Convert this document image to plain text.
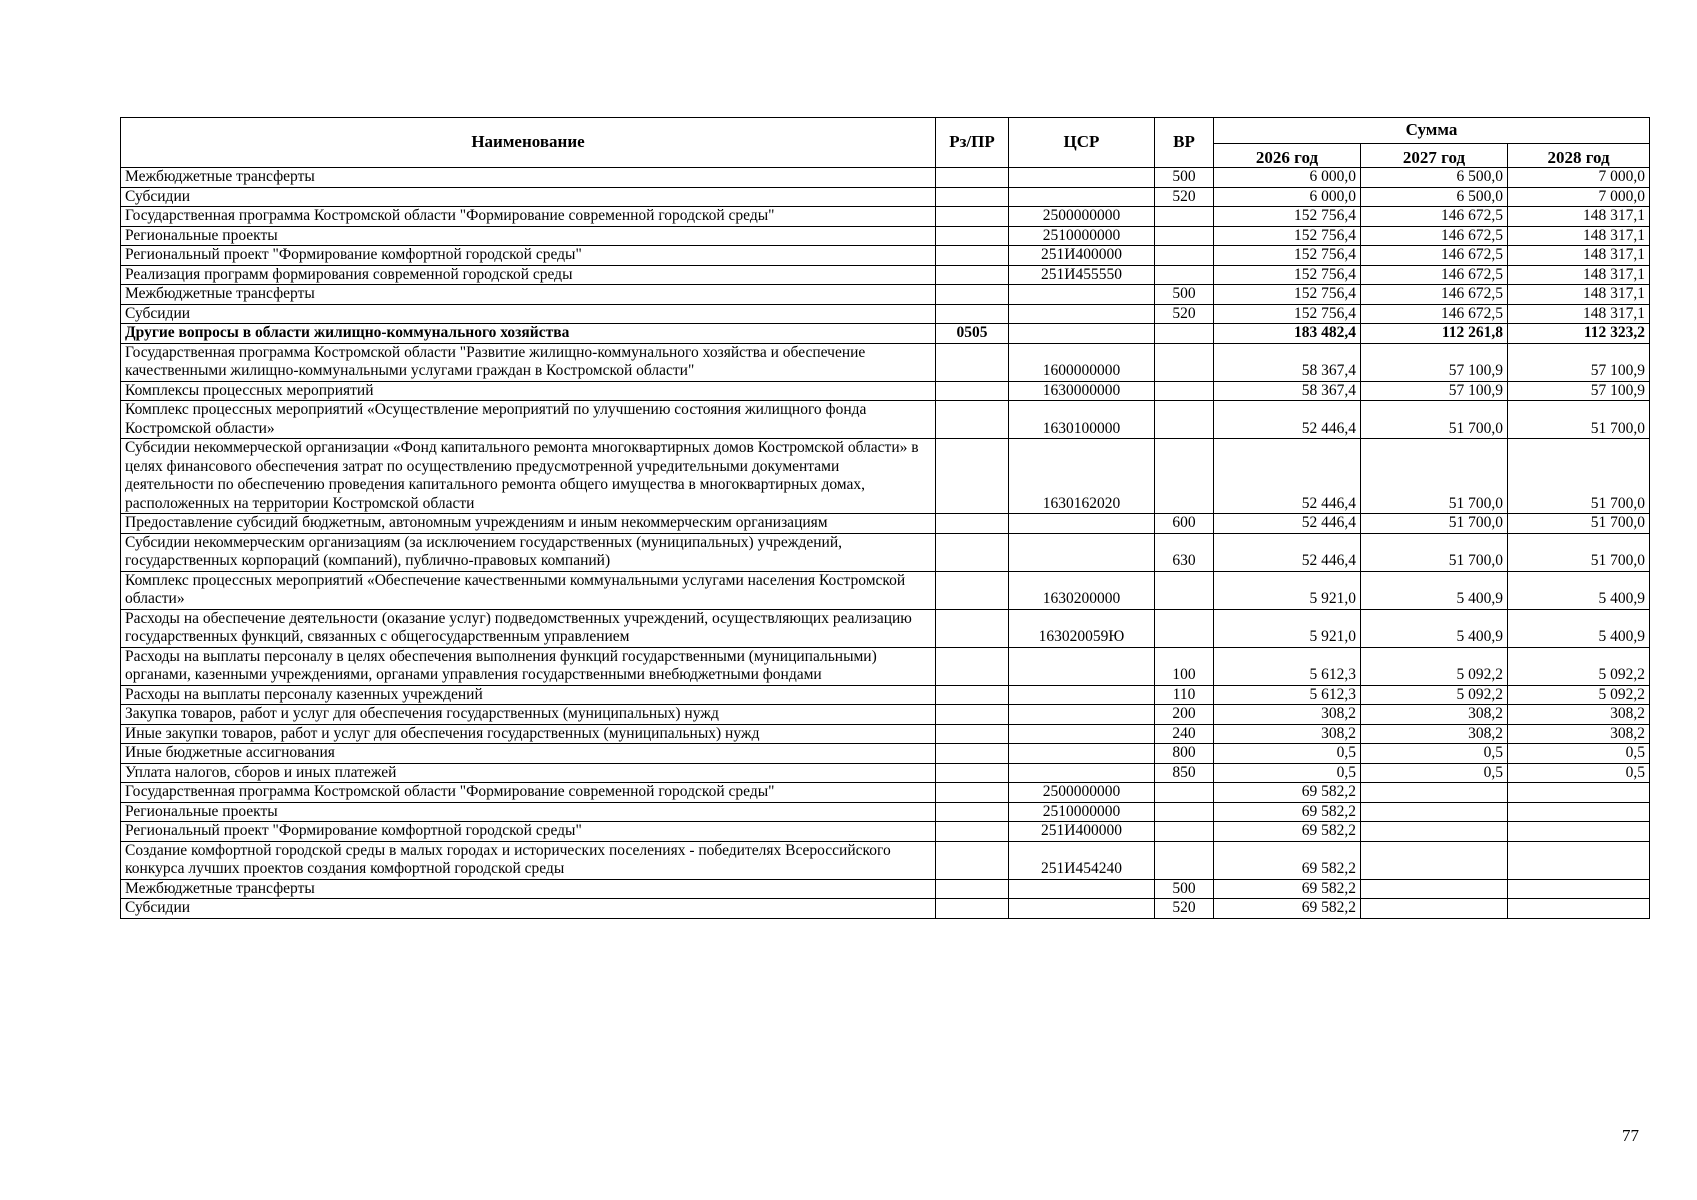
Наименование	Рз/ПР	ЦСР	ВР	Сумма		
				2026 год	2027 год	2028 год
Межбюджетные трансферты			500	6 000,0	6 500,0	7 000,0
Субсидии			520	6 000,0	6 500,0	7 000,0
Государственная программа Костромской области "Формирование современной городской среды"		2500000000		152 756,4	146 672,5	148 317,1
Региональные проекты		2510000000		152 756,4	146 672,5	148 317,1
Региональный проект "Формирование комфортной городской среды"		251И400000		152 756,4	146 672,5	148 317,1
Реализация программ формирования современной городской среды		251И455550		152 756,4	146 672,5	148 317,1
Межбюджетные трансферты			500	152 756,4	146 672,5	148 317,1
Субсидии			520	152 756,4	146 672,5	148 317,1
Другие вопросы в области жилищно-коммунального хозяйства	0505			183 482,4	112 261,8	112 323,2
Государственная программа Костромской области "Развитие жилищно-коммунального хозяйства и обеспечение качественными жилищно-коммунальными услугами граждан в Костромской области"		1600000000		58 367,4	57 100,9	57 100,9
Комплексы процессных мероприятий		1630000000		58 367,4	57 100,9	57 100,9
Комплекс процессных мероприятий «Осуществление мероприятий по улучшению состояния жилищного фонда Костромской области»		1630100000		52 446,4	51 700,0	51 700,0
Субсидии некоммерческой организации «Фонд капитального ремонта многоквартирных домов Костромской области» в целях финансового обеспечения затрат по осуществлению предусмотренной учредительными документами деятельности по обеспечению проведения капитального ремонта общего имущества в многоквартирных домах, расположенных на территории Костромской области		1630162020		52 446,4	51 700,0	51 700,0
Предоставление субсидий бюджетным, автономным учреждениям и иным некоммерческим организациям			600	52 446,4	51 700,0	51 700,0
Субсидии некоммерческим организациям (за исключением государственных (муниципальных) учреждений, государственных корпораций (компаний), публично-правовых компаний)			630	52 446,4	51 700,0	51 700,0
Комплекс процессных мероприятий «Обеспечение качественными коммунальными услугами населения Костромской области»		1630200000		5 921,0	5 400,9	5 400,9
Расходы на обеспечение деятельности (оказание услуг) подведомственных учреждений, осуществляющих реализацию государственных функций, связанных с общегосударственным управлением		163020059Ю		5 921,0	5 400,9	5 400,9
Расходы на выплаты персоналу в целях обеспечения выполнения функций государственными (муниципальными) органами, казенными учреждениями, органами управления государственными внебюджетными фондами			100	5 612,3	5 092,2	5 092,2
Расходы на выплаты персоналу казенных учреждений			110	5 612,3	5 092,2	5 092,2
Закупка товаров, работ и услуг для обеспечения государственных (муниципальных) нужд			200	308,2	308,2	308,2
Иные закупки товаров, работ и услуг для обеспечения государственных (муниципальных) нужд			240	308,2	308,2	308,2
Иные бюджетные ассигнования			800	0,5	0,5	0,5
Уплата налогов, сборов и иных платежей			850	0,5	0,5	0,5
Государственная программа Костромской области "Формирование современной городской среды"		2500000000		69 582,2		
Региональные проекты		2510000000		69 582,2		
Региональный проект "Формирование комфортной городской среды"		251И400000		69 582,2		
Создание комфортной городской среды в малых городах и исторических поселениях - победителях Всероссийского конкурса лучших проектов создания комфортной городской среды		251И454240		69 582,2		
Межбюджетные трансферты			500	69 582,2		
Субсидии			520	69 582,2		
77
